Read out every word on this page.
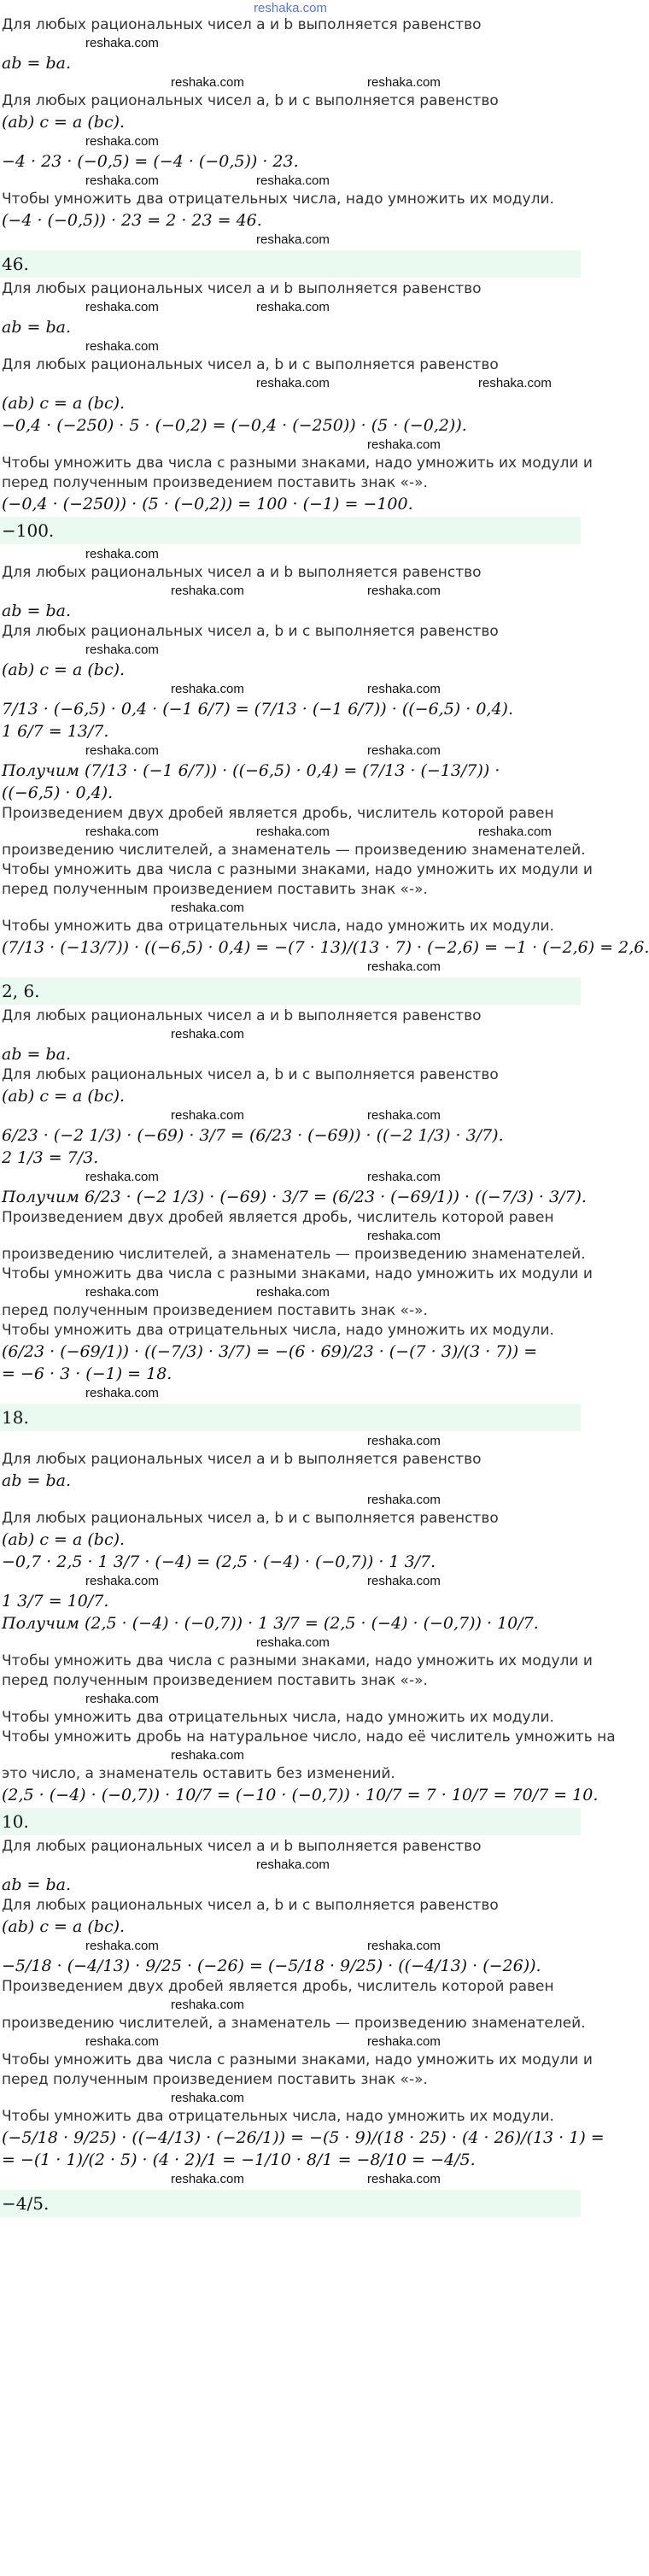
reshaka.com
Для любых рациональных чисел a и b выполняется равенство
reshaka.com
ab = ba.
reshaka.com	reshaka.com
Для любых рациональных чисел a, b и c выполняется равенство
(ab) c = a (bc).
reshaka.com
−4 · 23 · (−0,5) = (−4 · (−0,5)) · 23.
reshaka.com	reshaka.com
Чтобы умножить два отрицательных числа, надо умножить их модули.
(−4 · (−0,5)) · 23 = 2 · 23 = 46.
reshaka.com
46.
Для любых рациональных чисел a и b выполняется равенство
reshaka.com	reshaka.com
ab = ba.
reshaka.com
Для любых рациональных чисел a, b и c выполняется равенство
reshaka.com	reshaka.com
(ab) c = a (bc).
−0,4 · (−250) · 5 · (−0,2) = (−0,4 · (−250)) · (5 · (−0,2)).
reshaka.com
Чтобы умножить два числа с разными знаками, надо умножить их модули и
перед полученным произведением поставить знак «-».
(−0,4 · (−250)) · (5 · (−0,2)) = 100 · (−1) = −100.
−100.
reshaka.com
Для любых рациональных чисел a и b выполняется равенство
reshaka.com	reshaka.com
ab = ba.
Для любых рациональных чисел a, b и c выполняется равенство
reshaka.com
(ab) c = a (bc).
reshaka.com	reshaka.com
7/13 · (−6,5) · 0,4 · (−1 6/7) = (7/13 · (−1 6/7)) · ((−6,5) · 0,4).
1 6/7 = 13/7.
reshaka.com	reshaka.com
Получим (7/13 · (−1 6/7)) · ((−6,5) · 0,4) = (7/13 · (−13/7)) ·
((−6,5) · 0,4).
Произведением двух дробей является дробь, числитель которой равен
reshaka.com	reshaka.com	reshaka.com
произведению числителей, а знаменатель — произведению знаменателей.
Чтобы умножить два числа с разными знаками, надо умножить их модули и
перед полученным произведением поставить знак «-».
reshaka.com
Чтобы умножить два отрицательных числа, надо умножить их модули.
(7/13 · (−13/7)) · ((−6,5) · 0,4) = −(7 · 13)/(13 · 7) · (−2,6) = −1 · (−2,6) = 2,6.
reshaka.com
2, 6.
Для любых рациональных чисел a и b выполняется равенство
reshaka.com
ab = ba.
Для любых рациональных чисел a, b и c выполняется равенство
(ab) c = a (bc).
reshaka.com	reshaka.com
6/23 · (−2 1/3) · (−69) · 3/7 = (6/23 · (−69)) · ((−2 1/3) · 3/7).
2 1/3 = 7/3.
reshaka.com	reshaka.com
Получим 6/23 · (−2 1/3) · (−69) · 3/7 = (6/23 · (−69/1)) · ((−7/3) · 3/7).
Произведением двух дробей является дробь, числитель которой равен
reshaka.com
произведению числителей, а знаменатель — произведению знаменателей.
Чтобы умножить два числа с разными знаками, надо умножить их модули и
reshaka.com	reshaka.com
перед полученным произведением поставить знак «-».
Чтобы умножить два отрицательных числа, надо умножить их модули.
(6/23 · (−69/1)) · ((−7/3) · 3/7) = −(6 · 69)/23 · (−(7 · 3)/(3 · 7)) =
= −6 · 3 · (−1) = 18.
reshaka.com
18.
reshaka.com
Для любых рациональных чисел a и b выполняется равенство
ab = ba.
reshaka.com
Для любых рациональных чисел a, b и c выполняется равенство
(ab) c = a (bc).
−0,7 · 2,5 · 1 3/7 · (−4) = (2,5 · (−4) · (−0,7)) · 1 3/7.
reshaka.com	reshaka.com
1 3/7 = 10/7.
Получим (2,5 · (−4) · (−0,7)) · 1 3/7 = (2,5 · (−4) · (−0,7)) · 10/7.
reshaka.com
Чтобы умножить два числа с разными знаками, надо умножить их модули и
перед полученным произведением поставить знак «-».
reshaka.com
Чтобы умножить два отрицательных числа, надо умножить их модули.
Чтобы умножить дробь на натуральное число, надо её числитель умножить на
reshaka.com
это число, а знаменатель оставить без изменений.
(2,5 · (−4) · (−0,7)) · 10/7 = (−10 · (−0,7)) · 10/7 = 7 · 10/7 = 70/7 = 10.
10.
Для любых рациональных чисел a и b выполняется равенство
reshaka.com
ab = ba.
Для любых рациональных чисел a, b и c выполняется равенство
(ab) c = a (bc).
reshaka.com	reshaka.com
−5/18 · (−4/13) · 9/25 · (−26) = (−5/18 · 9/25) · ((−4/13) · (−26)).
Произведением двух дробей является дробь, числитель которой равен
reshaka.com
произведению числителей, а знаменатель — произведению знаменателей.
reshaka.com	reshaka.com
Чтобы умножить два числа с разными знаками, надо умножить их модули и
перед полученным произведением поставить знак «-».
reshaka.com
Чтобы умножить два отрицательных числа, надо умножить их модули.
(−5/18 · 9/25) · ((−4/13) · (−26/1)) = −(5 · 9)/(18 · 25) · (4 · 26)/(13 · 1) =
= −(1 · 1)/(2 · 5) · (4 · 2)/1 = −1/10 · 8/1 = −8/10 = −4/5.
reshaka.com	reshaka.com
−4/5.
